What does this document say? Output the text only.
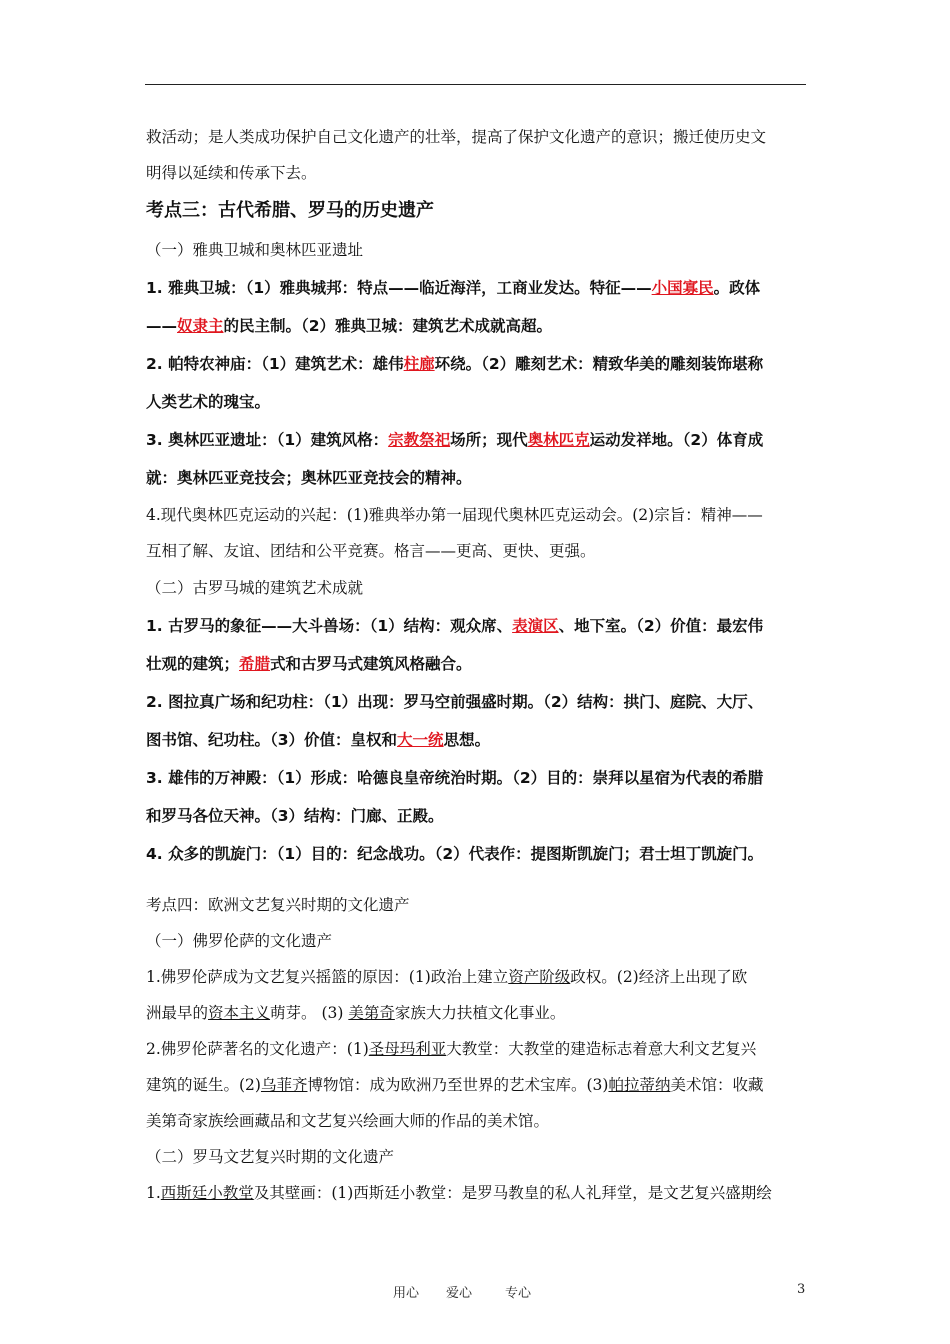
救活动；是人类成功保护自己文化遗产的壮举，提高了保护文化遗产的意识；搬迁使历史文

明得以延续和传承下去。

考点三：古代希腊、罗马的历史遗产

（一）雅典卫城和奥林匹亚遗址

1. 雅典卫城：（1）雅典城邦：特点——临近海洋，工商业发达。特征——小国寡民。政体

——奴隶主的民主制。（2）雅典卫城：建筑艺术成就高超。

2. 帕特农神庙：（1）建筑艺术：雄伟柱廊环绕。（2）雕刻艺术：精致华美的雕刻装饰堪称

人类艺术的瑰宝。

3. 奥林匹亚遗址：（1）建筑风格：宗教祭祀场所；现代奥林匹克运动发祥地。（2）体育成

就：奥林匹亚竞技会；奥林匹亚竞技会的精神。

4.现代奥林匹克运动的兴起：(1)雅典举办第一届现代奥林匹克运动会。(2)宗旨：精神——

互相了解、友谊、团结和公平竞赛。格言——更高、更快、更强。

（二）古罗马城的建筑艺术成就

1. 古罗马的象征——大斗兽场：（1）结构：观众席、表演区、地下室。（2）价值：最宏伟

壮观的建筑；希腊式和古罗马式建筑风格融合。

2. 图拉真广场和纪功柱：（1）出现：罗马空前强盛时期。（2）结构：拱门、庭院、大厅、

图书馆、纪功柱。（3）价值：皇权和大一统思想。

3. 雄伟的万神殿：（1）形成：哈德良皇帝统治时期。（2）目的：崇拜以星宿为代表的希腊

和罗马各位天神。（3）结构：门廊、正殿。

4. 众多的凯旋门：（1）目的：纪念战功。（2）代表作：提图斯凯旋门；君士坦丁凯旋门。

考点四：欧洲文艺复兴时期的文化遗产

（一）佛罗伦萨的文化遗产

1.佛罗伦萨成为文艺复兴摇篮的原因：(1)政治上建立资产阶级政权。(2)经济上出现了欧

洲最早的资本主义萌芽。 (3) 美第奇家族大力扶植文化事业。

2.佛罗伦萨著名的文化遗产：(1)圣母玛利亚大教堂：大教堂的建造标志着意大利文艺复兴

建筑的诞生。(2)乌菲齐博物馆：成为欧洲乃至世界的艺术宝库。(3)帕拉蒂纳美术馆：收藏

美第奇家族绘画藏品和文艺复兴绘画大师的作品的美术馆。

（二）罗马文艺复兴时期的文化遗产

1.西斯廷小教堂及其壁画：(1)西斯廷小教堂：是罗马教皇的私人礼拜堂，是文艺复兴盛期绘

用心 爱心	专心	3
